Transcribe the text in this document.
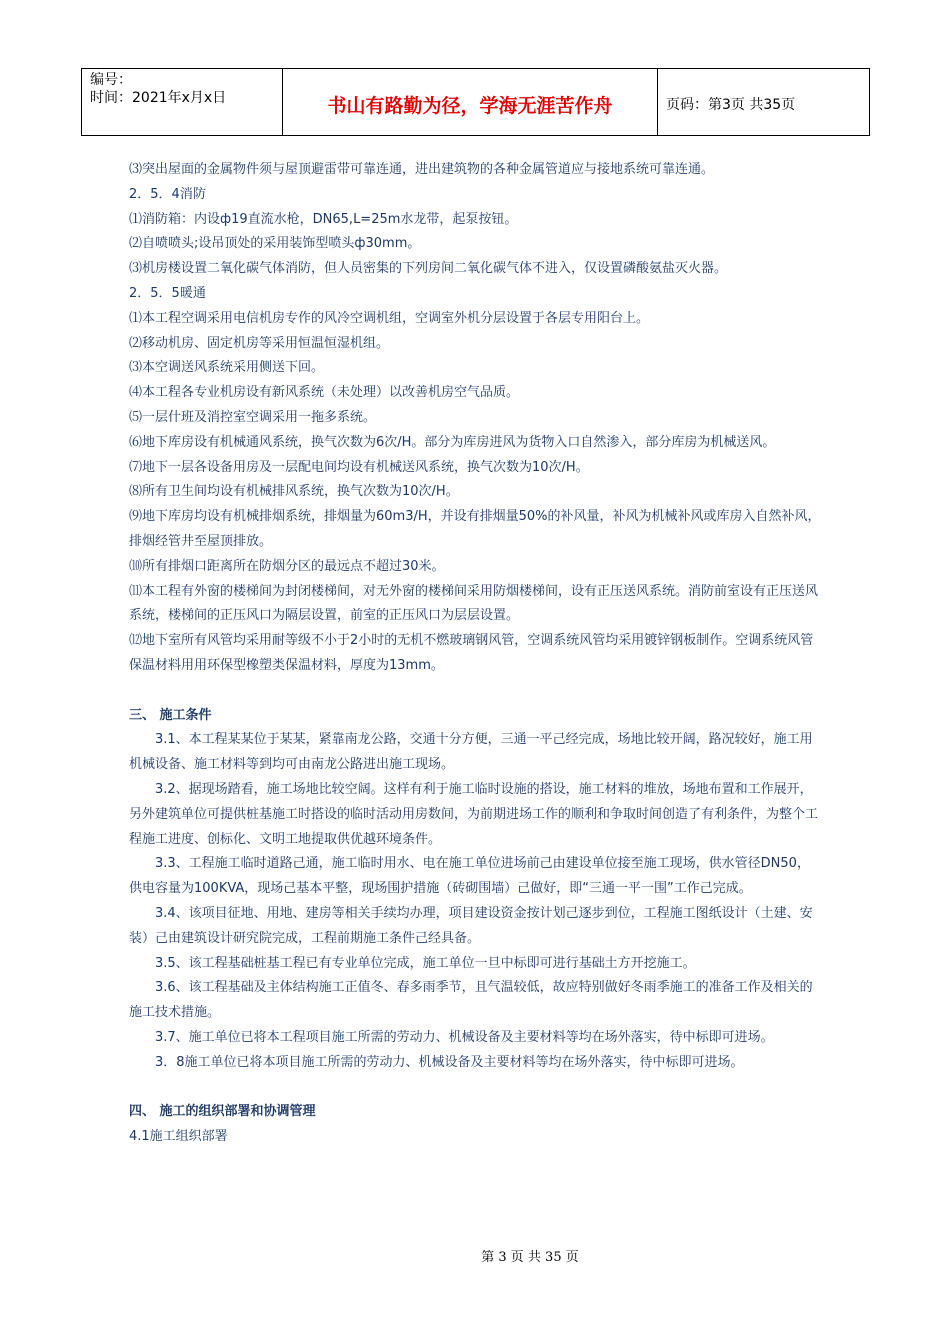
编号：
时间：2021年x月x日	书山有路勤为径，学海无涯苦作舟	页码：第3页 共35页

⑶突出屋面的金属物件须与屋顶避雷带可靠连通，进出建筑物的各种金属管道应与接地系统可靠连通。

2．5．4消防

⑴消防箱：内设ф19直流水枪，DN65,L=25m水龙带，起泵按钮。

⑵自喷喷头;设吊顶处的采用装饰型喷头ф30mm。

⑶机房楼设置二氧化碳气体消防，但人员密集的下列房间二氧化碳气体不进入，仅设置磷酸氨盐灭火器。

2．5．5暖通

⑴本工程空调采用电信机房专作的风冷空调机组，空调室外机分层设置于各层专用阳台上。

⑵移动机房、固定机房等采用恒温恒湿机组。

⑶本空调送风系统采用侧送下回。

⑷本工程各专业机房设有新风系统（未处理）以改善机房空气品质。

⑸一层什班及消控室空调采用一拖多系统。

⑹地下库房设有机械通风系统，换气次数为6次/H。部分为库房进风为货物入口自然渗入，部分库房为机械送风。

⑺地下一层各设备用房及一层配电间均设有机械送风系统，换气次数为10次/H。

⑻所有卫生间均设有机械排风系统，换气次数为10次/H。

⑼地下库房均设有机械排烟系统，排烟量为60m3/H，并设有排烟量50%的补风量，补风为机械补风或库房入自然补风，排烟经管井至屋顶排放。

⑽所有排烟口距离所在防烟分区的最远点不超过30米。

⑾本工程有外窗的楼梯间为封闭楼梯间，对无外窗的楼梯间采用防烟楼梯间，设有正压送风系统。消防前室设有正压送风系统，楼梯间的正压风口为隔层设置，前室的正压风口为层层设置。

⑿地下室所有风管均采用耐等级不小于2小时的无机不燃玻璃钢风管，空调系统风管均采用镀锌钢板制作。空调系统风管保温材料用用环保型橡塑类保温材料，厚度为13mm。

三、 施工条件

3.1、本工程某某位于某某，紧靠南龙公路，交通十分方便，三通一平己经完成，场地比较开阔，路况较好，施工用机械设备、施工材料等到均可由南龙公路进出施工现场。

3.2、据现场踏看，施工场地比较空阔。这样有利于施工临时设施的搭设，施工材料的堆放，场地布置和工作展开，另外建筑单位可提供桩基施工时搭设的临时活动用房数间，为前期进场工作的顺利和争取时间创造了有利条件，为整个工程施工进度、创标化、文明工地提取供优越环境条件。

3.3、工程施工临时道路己通，施工临时用水、电在施工单位进场前己由建设单位接至施工现场，供水管径DN50，供电容量为100KVA，现场己基本平整，现场围护措施（砖砌围墙）己做好，即“三通一平一围”工作己完成。

3.4、该项目征地、用地、建房等相关手续均办理，项目建设资金按计划己逐步到位，工程施工图纸设计（土建、安装）己由建筑设计研究院完成，工程前期施工条件己经具备。

3.5、该工程基础桩基工程已有专业单位完成，施工单位一旦中标即可进行基础土方开挖施工。

3.6、该工程基础及主体结构施工正值冬、春多雨季节，且气温较低，故应特别做好冬雨季施工的准备工作及相关的施工技术措施。

3.7、施工单位已将本工程项目施工所需的劳动力、机械设备及主要材料等均在场外落实，待中标即可进场。

3．8施工单位已将本项目施工所需的劳动力、机械设备及主要材料等均在场外落实，待中标即可进场。

四、 施工的组织部署和协调管理

4.1施工组织部署

第 3 页 共 35 页
